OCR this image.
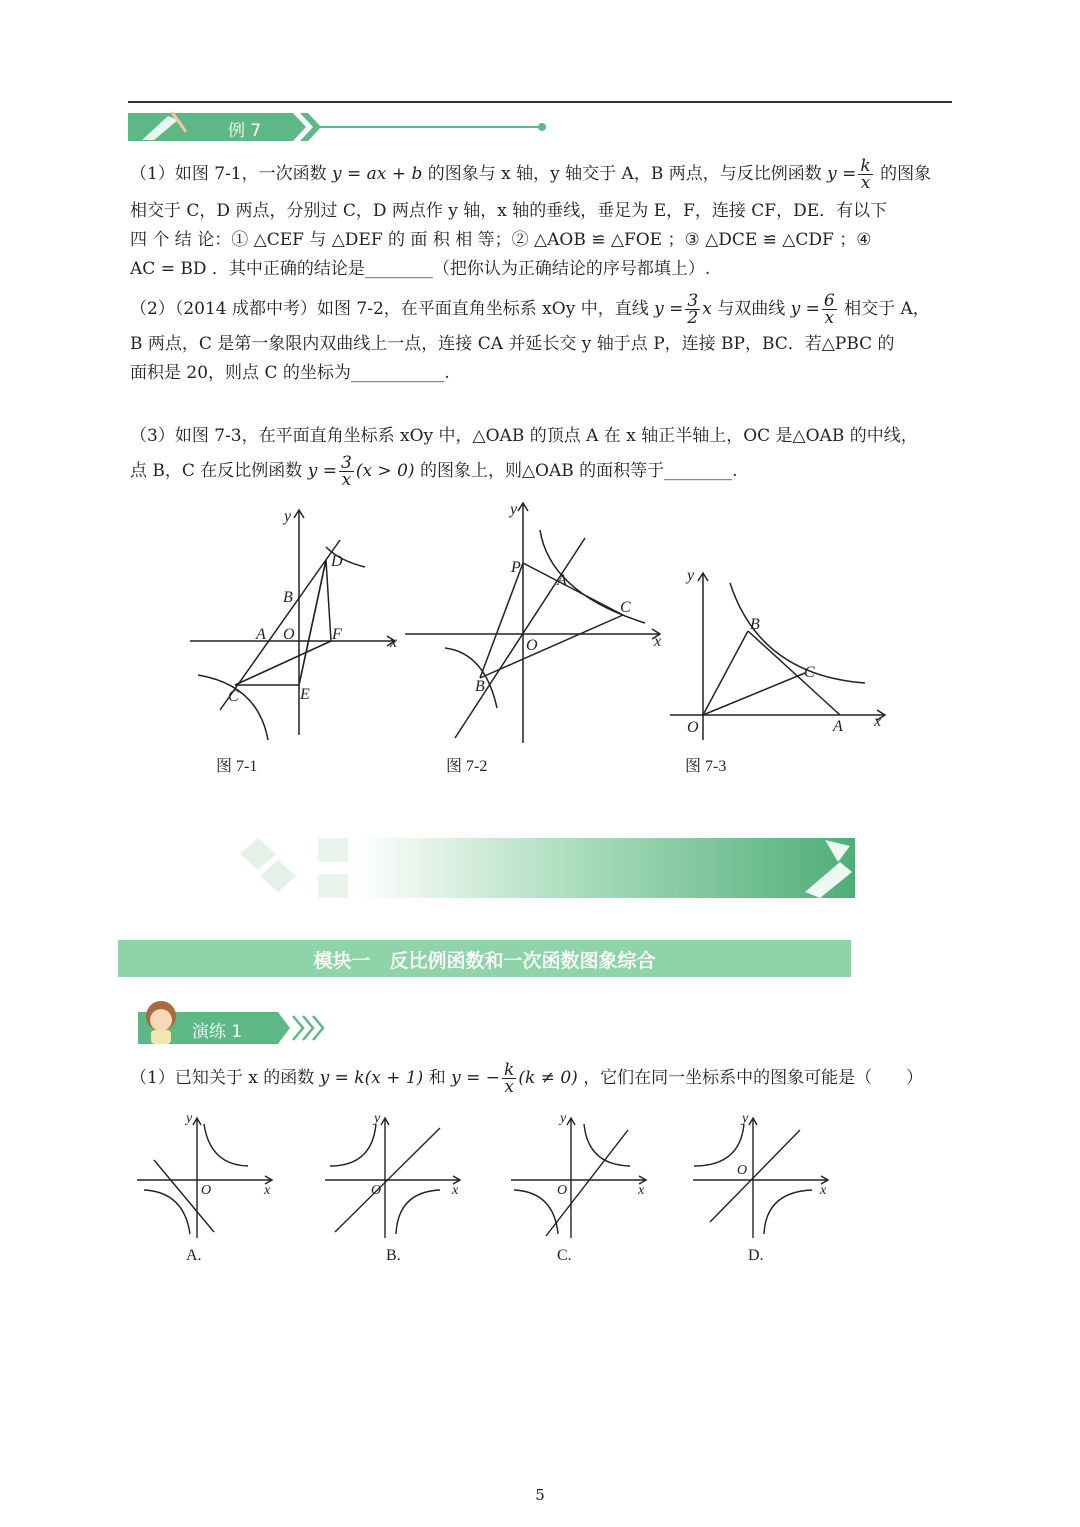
例 7
（1）如图 7-1，一次函数 y = ax + b 的图象与 x 轴，y 轴交于 A，B 两点，与反比例函数 $y = \frac{k}{x}$ 的图象
相交于 C，D 两点，分别过 C，D 两点作 y 轴，x 轴的垂线，垂足为 E，F，连接 CF，DE．有以下
四 个 结 论：① △CEF 与 △DEF 的 面 积 相 等；② △AOB ≌ △FOE ；③ △DCE ≌ △CDF ；④
AC = BD ．其中正确的结论是________（把你认为正确结论的序号都填上）.
（2）（2014 成都中考）如图 7-2，在平面直角坐标系 xOy 中，直线 $y = \frac{3}{2}$ x 与双曲线 $y = \frac{6}{x}$ 相交于 A，
B 两点，C 是第一象限内双曲线上一点，连接 CA 并延长交 y 轴于点 P，连接 BP，BC．若△PBC 的
面积是 20，则点 C 的坐标为___________.
（3）如图 7-3，在平面直角坐标系 xOy 中，△OAB 的顶点 A 在 x 轴正半轴上，OC 是△OAB 的中线，
点 B，C 在反比例函数 $y = \frac{3}{x} (x > 0)$ 的图象上，则△OAB 的面积等于________.
y
x
D
B
A O F
C	E
y
x
P
A
C
O
B
y
x
B
C
O	A
图 7-1	图 7-2	图 7-3
模块一　反比例函数和一次函数图象综合
演练 1
（1）已知关于 x 的函数 y = k(x + 1) 和 y = − $\frac{k}{x} (k \ne 0)$ ，它们在同一坐标系中的图象可能是（　　）
y
x
O
y
x
O
y
x
O
y
x
O
A.	B.	C.	D.
5
